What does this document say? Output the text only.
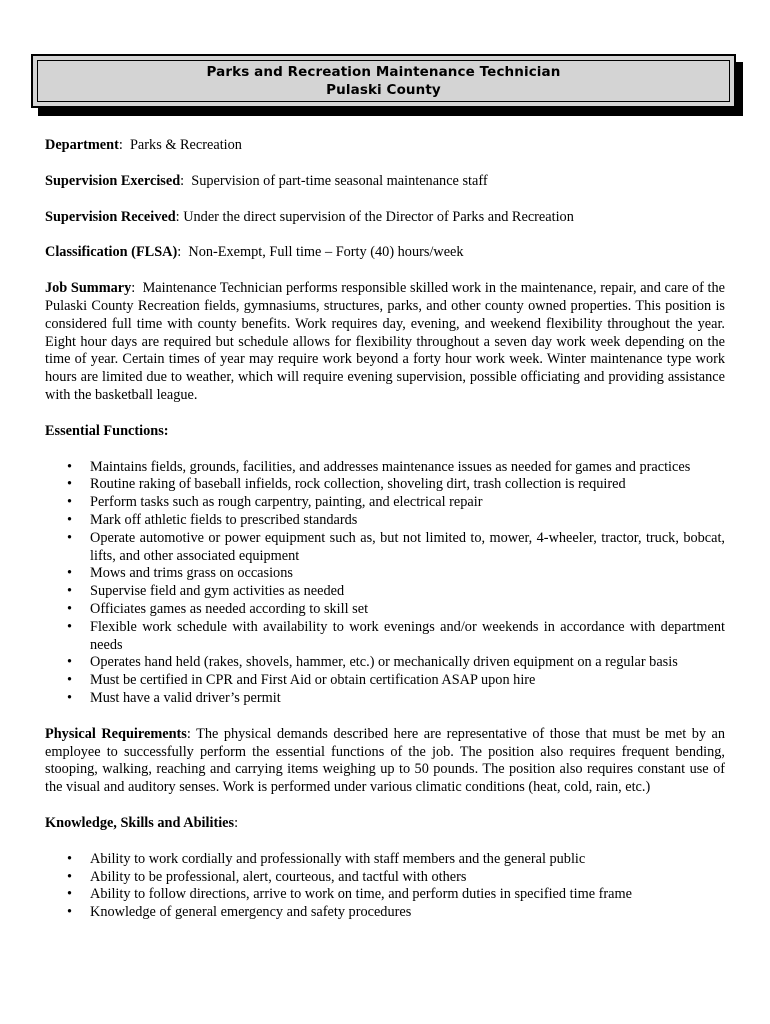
Parks and Recreation Maintenance Technician
Pulaski County

Department:  Parks & Recreation

Supervision Exercised:  Supervision of part-time seasonal maintenance staff

Supervision Received: Under the direct supervision of the Director of Parks and Recreation

Classification (FLSA):  Non-Exempt, Full time – Forty (40) hours/week

Job Summary:  Maintenance Technician performs responsible skilled work in the maintenance, repair, and care of the Pulaski County Recreation fields, gymnasiums, structures, parks, and other county owned properties. This position is considered full time with county benefits. Work requires day, evening, and weekend flexibility throughout the year. Eight hour days are required but schedule allows for flexibility throughout a seven day work week depending on the time of year. Certain times of year may require work beyond a forty hour work week. Winter maintenance type work hours are limited due to weather, which will require evening supervision, possible officiating and providing assistance with the basketball league.

Essential Functions:

• Maintains fields, grounds, facilities, and addresses maintenance issues as needed for games and practices
• Routine raking of baseball infields, rock collection, shoveling dirt, trash collection is required
• Perform tasks such as rough carpentry, painting, and electrical repair
• Mark off athletic fields to prescribed standards
• Operate automotive or power equipment such as, but not limited to, mower, 4-wheeler, tractor, truck, bobcat, lifts, and other associated equipment
• Mows and trims grass on occasions
• Supervise field and gym activities as needed
• Officiates games as needed according to skill set
• Flexible work schedule with availability to work evenings and/or weekends in accordance with department needs
• Operates hand held (rakes, shovels, hammer, etc.) or mechanically driven equipment on a regular basis
• Must be certified in CPR and First Aid or obtain certification ASAP upon hire
• Must have a valid driver’s permit

Physical Requirements: The physical demands described here are representative of those that must be met by an employee to successfully perform the essential functions of the job. The position also requires frequent bending, stooping, walking, reaching and carrying items weighing up to 50 pounds. The position also requires constant use of the visual and auditory senses. Work is performed under various climatic conditions (heat, cold, rain, etc.)

Knowledge, Skills and Abilities:

• Ability to work cordially and professionally with staff members and the general public
• Ability to be professional, alert, courteous, and tactful with others
• Ability to follow directions, arrive to work on time, and perform duties in specified time frame
• Knowledge of general emergency and safety procedures
